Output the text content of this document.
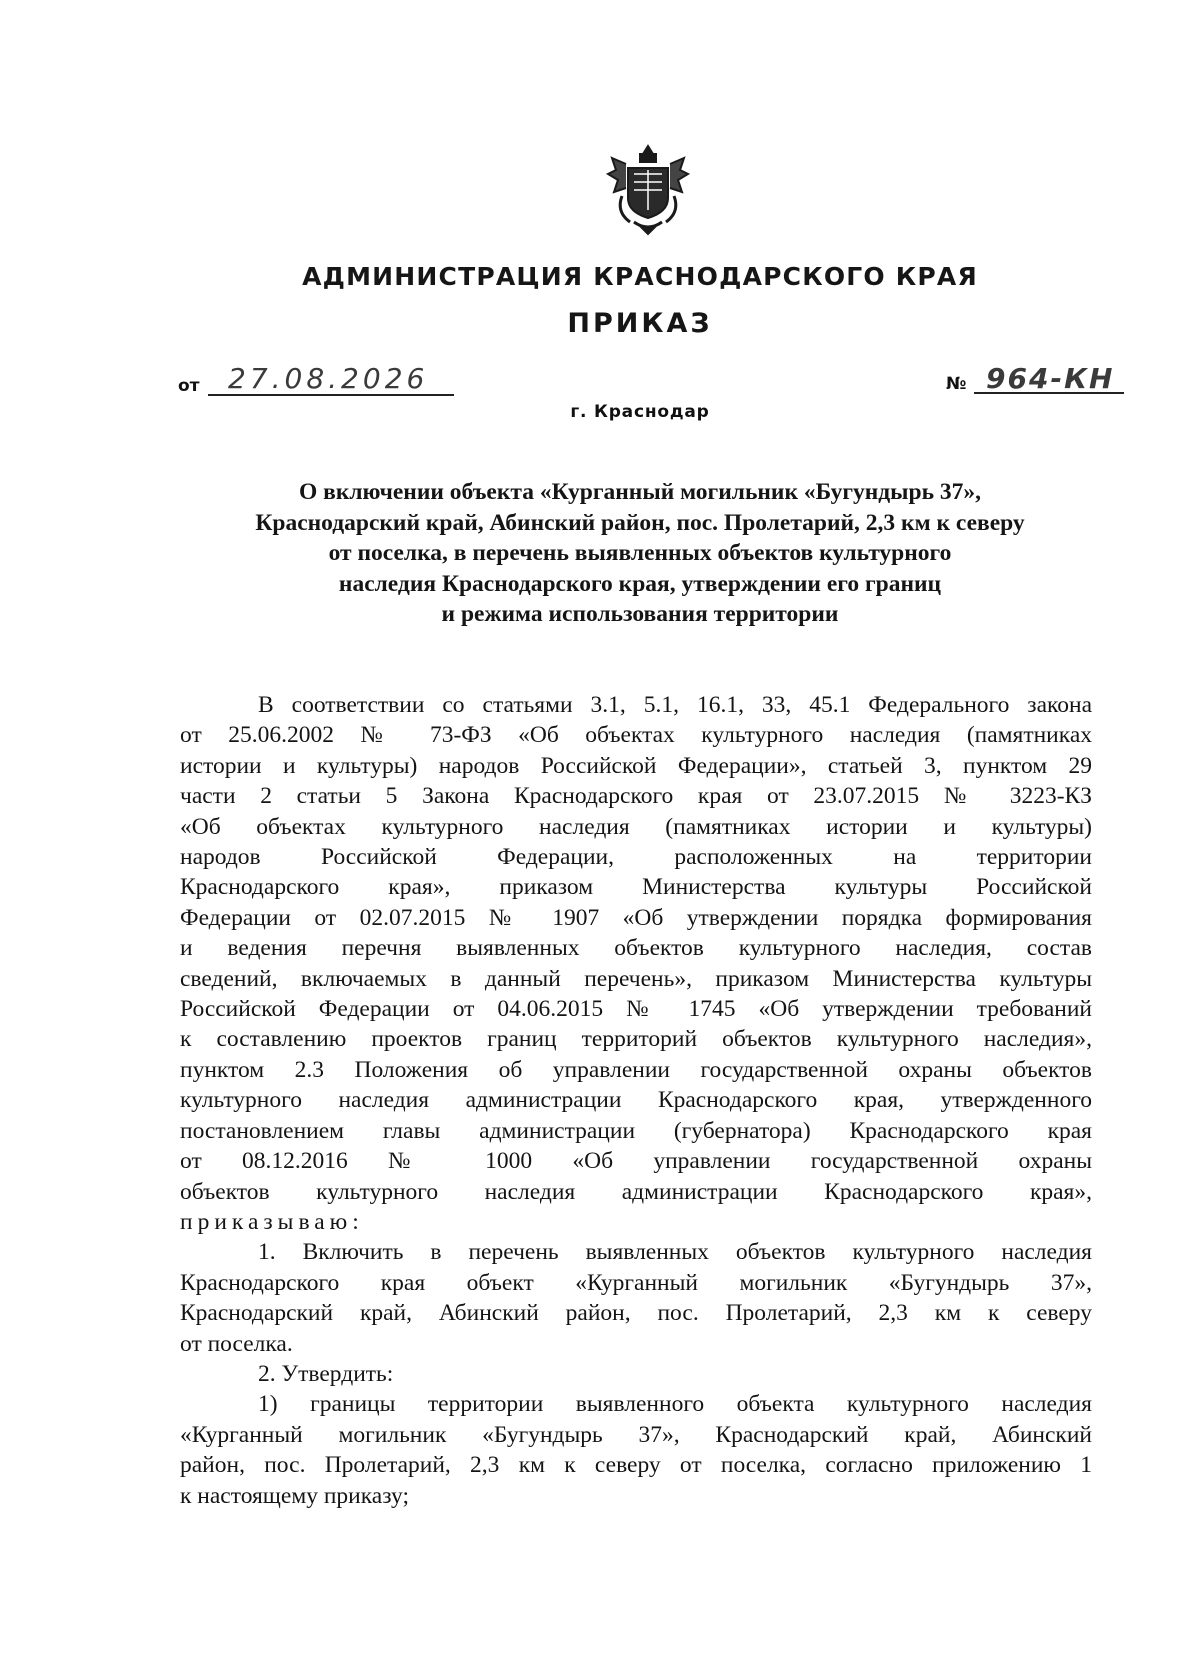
АДМИНИСТРАЦИЯ КРАСНОДАРСКОГО КРАЯ
ПРИКАЗ
от 27.08.2026	№ 964-КН
г. Краснодар
О включении объекта «Курганный могильник «Бугундырь 37»,
Краснодарский край, Абинский район, пос. Пролетарий, 2,3 км к северу
от поселка, в перечень выявленных объектов культурного
наследия Краснодарского края, утверждении его границ
и режима использования территории
В соответствии со статьями 3.1, 5.1, 16.1, 33, 45.1 Федерального закона
от 25.06.2002 № 73-ФЗ «Об объектах культурного наследия (памятниках
истории и культуры) народов Российской Федерации», статьей 3, пунктом 29
части 2 статьи 5 Закона Краснодарского края от 23.07.2015 № 3223-КЗ
«Об объектах культурного наследия (памятниках истории и культуры)
народов Российской Федерации, расположенных на территории
Краснодарского края», приказом Министерства культуры Российской
Федерации от 02.07.2015 № 1907 «Об утверждении порядка формирования
и ведения перечня выявленных объектов культурного наследия, состав
сведений, включаемых в данный перечень», приказом Министерства культуры
Российской Федерации от 04.06.2015 № 1745 «Об утверждении требований
к составлению проектов границ территорий объектов культурного наследия»,
пунктом 2.3 Положения об управлении государственной охраны объектов
культурного наследия администрации Краснодарского края, утвержденного
постановлением главы администрации (губернатора) Краснодарского края
от 08.12.2016 № 1000 «Об управлении государственной охраны
объектов культурного наследия администрации Краснодарского края»,
приказываю:
1. Включить в перечень выявленных объектов культурного наследия
Краснодарского края объект «Курганный могильник «Бугундырь 37»,
Краснодарский край, Абинский район, пос. Пролетарий, 2,3 км к северу
от поселка.
2. Утвердить:
1) границы территории выявленного объекта культурного наследия
«Курганный могильник «Бугундырь 37», Краснодарский край, Абинский
район, пос. Пролетарий, 2,3 км к северу от поселка, согласно приложению 1
к настоящему приказу;
